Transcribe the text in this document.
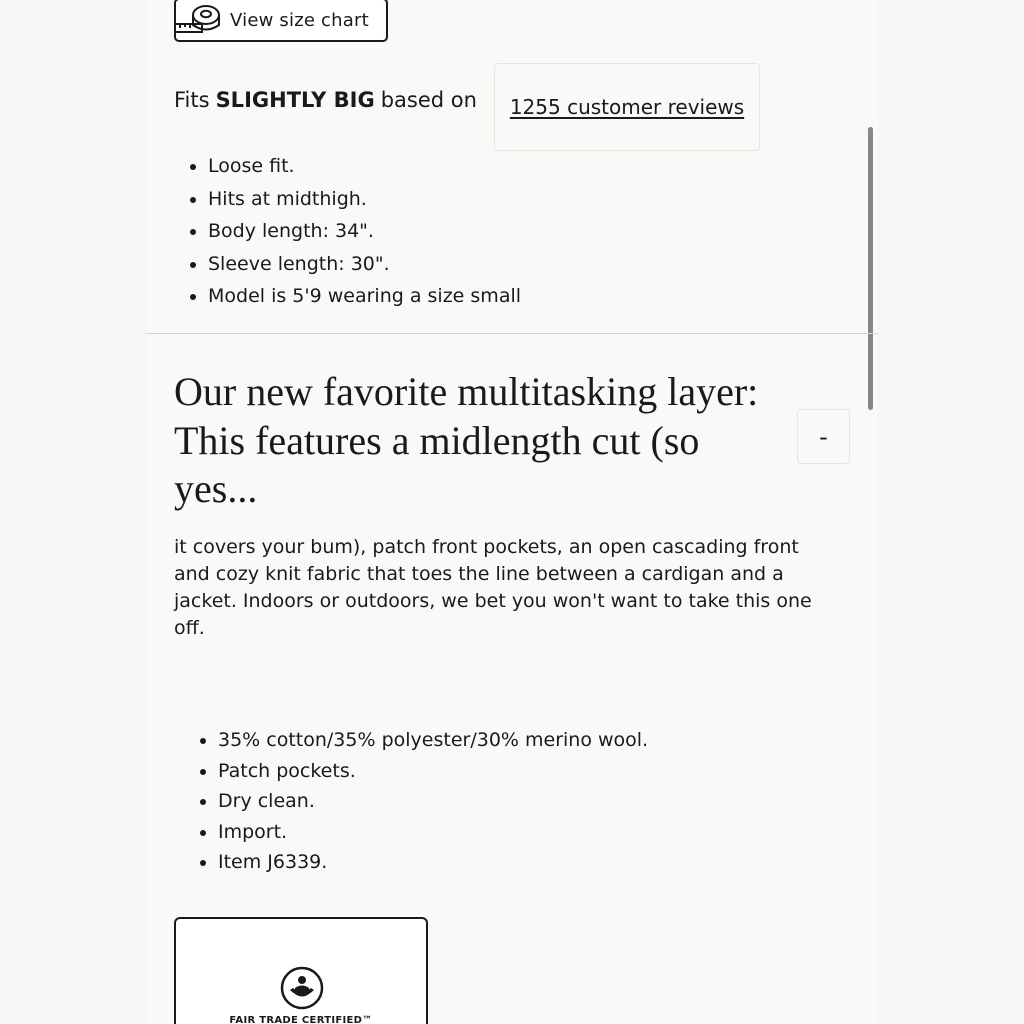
View size chart
Fits SLIGHTLY BIG based on 1255 customer reviews
• Loose fit.
• Hits at midthigh.
• Body length: 34".
• Sleeve length: 30".
• Model is 5'9 wearing a size small
Our new favorite multitasking layer: This features a midlength cut (so yes...
-

it covers your bum), patch front pockets, an open cascading front and cozy knit fabric that toes the line between a cardigan and a jacket. Indoors or outdoors, we bet you won't want to take this one off.

• 35% cotton/35% polyester/30% merino wool.
• Patch pockets.
• Dry clean.
• Import.
• Item J6339.
FAIR TRADE CERTIFIED™
